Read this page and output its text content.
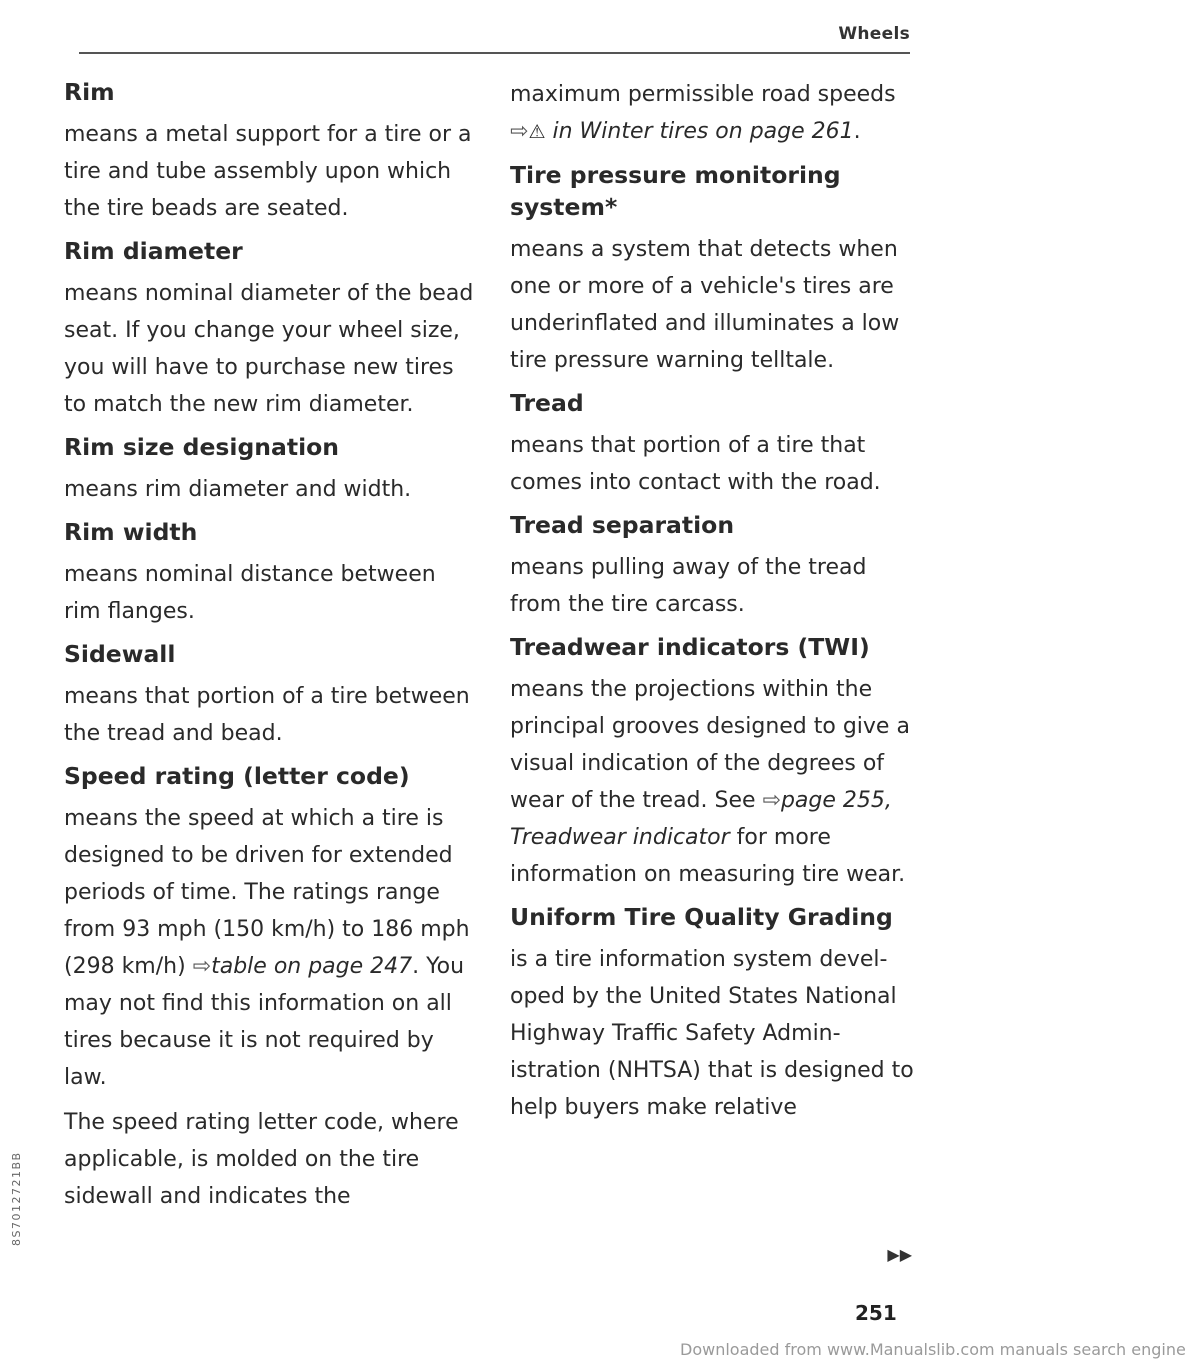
Wheels
Rim
means a metal support for a tire or a tire and tube assembly upon which the tire beads are seated.
Rim diameter
means nominal diameter of the bead seat. If you change your wheel size, you will have to purchase new tires to match the new rim diameter.
Rim size designation
means rim diameter and width.
Rim width
means nominal distance between rim flanges.
Sidewall
means that portion of a tire between the tread and bead.
Speed rating (letter code)
means the speed at which a tire is designed to be driven for extended periods of time. The ratings range from 93 mph (150 km/h) to 186 mph (298 km/h) ⇨table on page 247. You may not find this information on all tires because it is not required by law.
The speed rating letter code, where applicable, is molded on the tire sidewall and indicates the
maximum permissible road speeds ⇨⚠ in Winter tires on page 261.
Tire pressure monitoring system*
means a system that detects when one or more of a vehicle's tires are underinflated and illuminates a low tire pressure warning telltale.
Tread
means that portion of a tire that comes into contact with the road.
Tread separation
means pulling away of the tread from the tire carcass.
Treadwear indicators (TWI)
means the projections within the principal grooves designed to give a visual indication of the degrees of wear of the tread. See ⇨page 255, Treadwear indicator for more information on measuring tire wear.
Uniform Tire Quality Grading
is a tire information system developed by the United States National Highway Traffic Safety Administration (NHTSA) that is designed to help buyers make relative
▶▶
251
8S7012721BB
Downloaded from www.Manualslib.com manuals search engine
